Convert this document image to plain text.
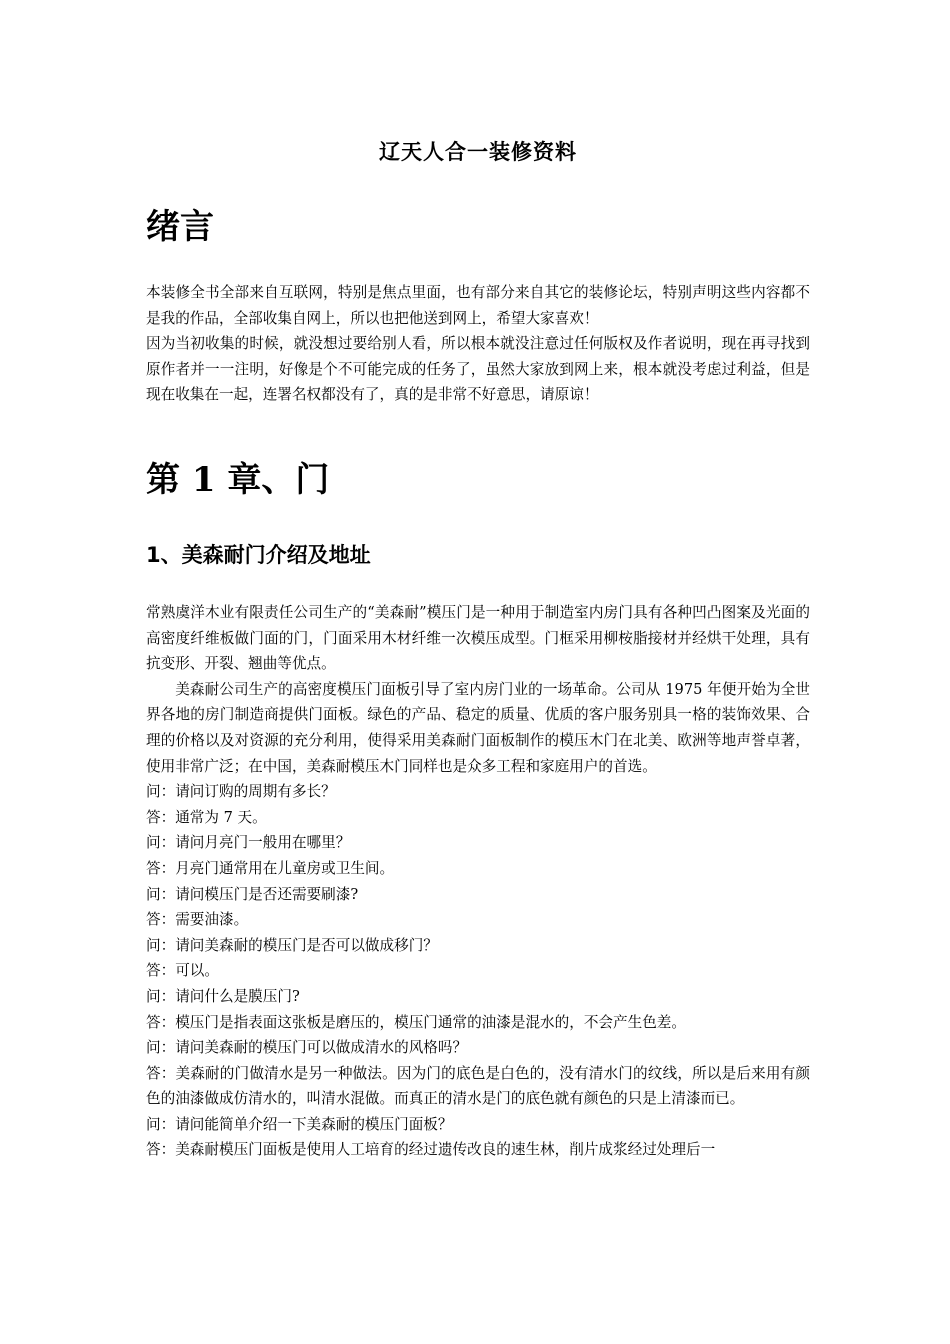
辽天人合一装修资料
绪言

本装修全书全部来自互联网，特别是焦点里面，也有部分来自其它的装修论坛，特别声明这些内容都不是我的作品，全部收集自网上，所以也把他送到网上，希望大家喜欢！

因为当初收集的时候，就没想过要给别人看，所以根本就没注意过任何版权及作者说明，现在再寻找到原作者并一一注明，好像是个不可能完成的任务了，虽然大家放到网上来，根本就没考虑过利益，但是现在收集在一起，连署名权都没有了，真的是非常不好意思，请原谅！

第 1 章、门
1、美森耐门介绍及地址

常熟虞洋木业有限责任公司生产的“美森耐”模压门是一种用于制造室内房门具有各种凹凸图案及光面的高密度纤维板做门面的门，门面采用木材纤维一次模压成型。门框采用柳桉脂接材并经烘干处理，具有抗变形、开裂、翘曲等优点。

美森耐公司生产的高密度模压门面板引导了室内房门业的一场革命。公司从 1975 年便开始为全世界各地的房门制造商提供门面板。绿色的产品、稳定的质量、优质的客户服务别具一格的装饰效果、合理的价格以及对资源的充分利用，使得采用美森耐门面板制作的模压木门在北美、欧洲等地声誉卓著，使用非常广泛；在中国，美森耐模压木门同样也是众多工程和家庭用户的首选。

问：请问订购的周期有多长？

答：通常为 7 天。

问：请问月亮门一般用在哪里？

答：月亮门通常用在儿童房或卫生间。

问：请问模压门是否还需要刷漆?

答：需要油漆。

问：请问美森耐的模压门是否可以做成移门？

答：可以。

问：请问什么是膜压门?

答：模压门是指表面这张板是磨压的，模压门通常的油漆是混水的，不会产生色差。

问：请问美森耐的模压门可以做成清水的风格吗？

答：美森耐的门做清水是另一种做法。因为门的底色是白色的，没有清水门的纹线，所以是后来用有颜色的油漆做成仿清水的，叫清水混做。而真正的清水是门的底色就有颜色的只是上清漆而已。

问：请问能简单介绍一下美森耐的模压门面板？

答：美森耐模压门面板是使用人工培育的经过遗传改良的速生林，削片成浆经过处理后一
